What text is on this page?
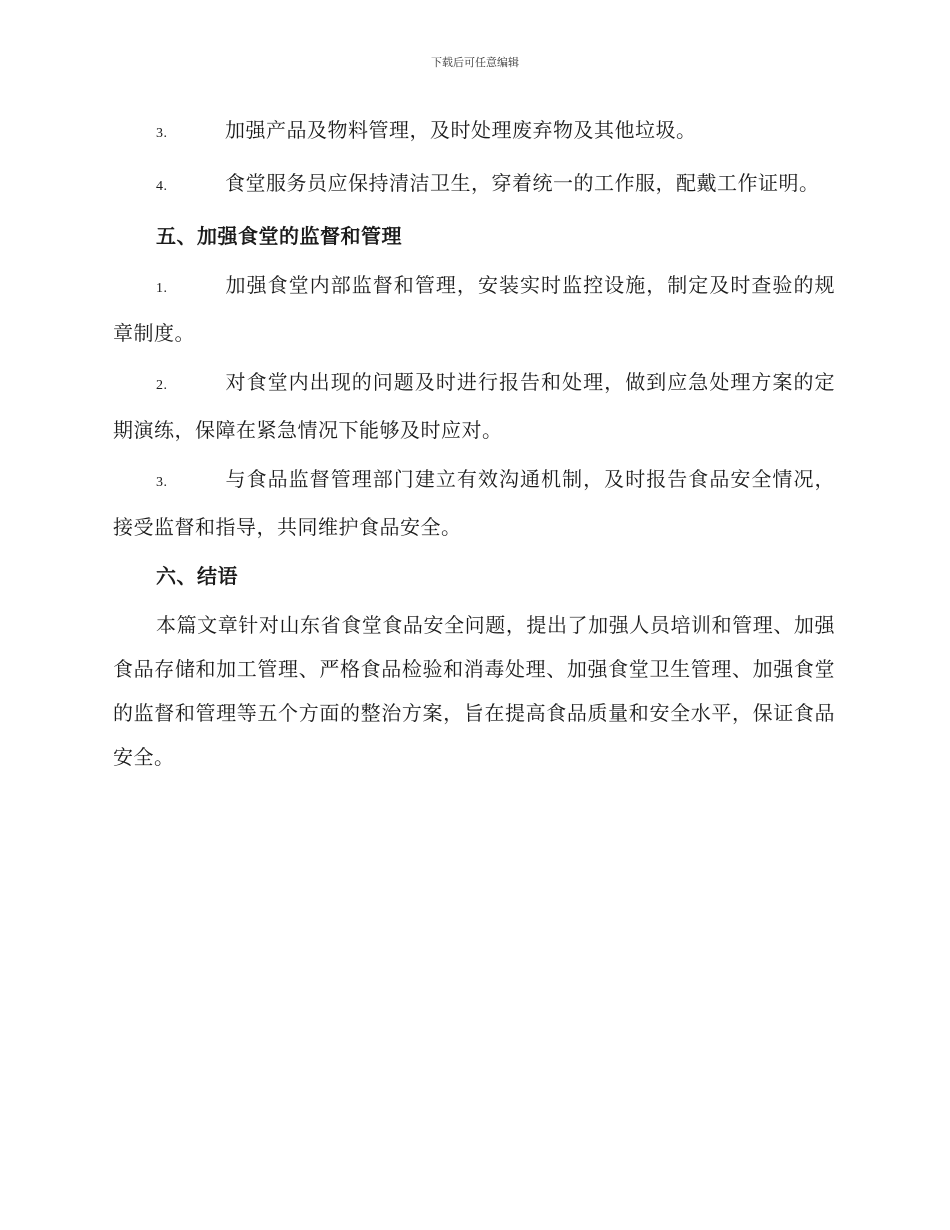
下载后可任意编辑

3.	加强产品及物料管理，及时处理废弃物及其他垃圾。

4.	食堂服务员应保持清洁卫生，穿着统一的工作服，配戴工作证明。

五、加强食堂的监督和管理

1.	加强食堂内部监督和管理，安装实时监控设施，制定及时查验的规章制度。

2.	对食堂内出现的问题及时进行报告和处理，做到应急处理方案的定期演练，保障在紧急情况下能够及时应对。

3.	与食品监督管理部门建立有效沟通机制，及时报告食品安全情况，接受监督和指导，共同维护食品安全。

六、结语

本篇文章针对山东省食堂食品安全问题，提出了加强人员培训和管理、加强食品存储和加工管理、严格食品检验和消毒处理、加强食堂卫生管理、加强食堂的监督和管理等五个方面的整治方案，旨在提高食品质量和安全水平，保证食品安全。
